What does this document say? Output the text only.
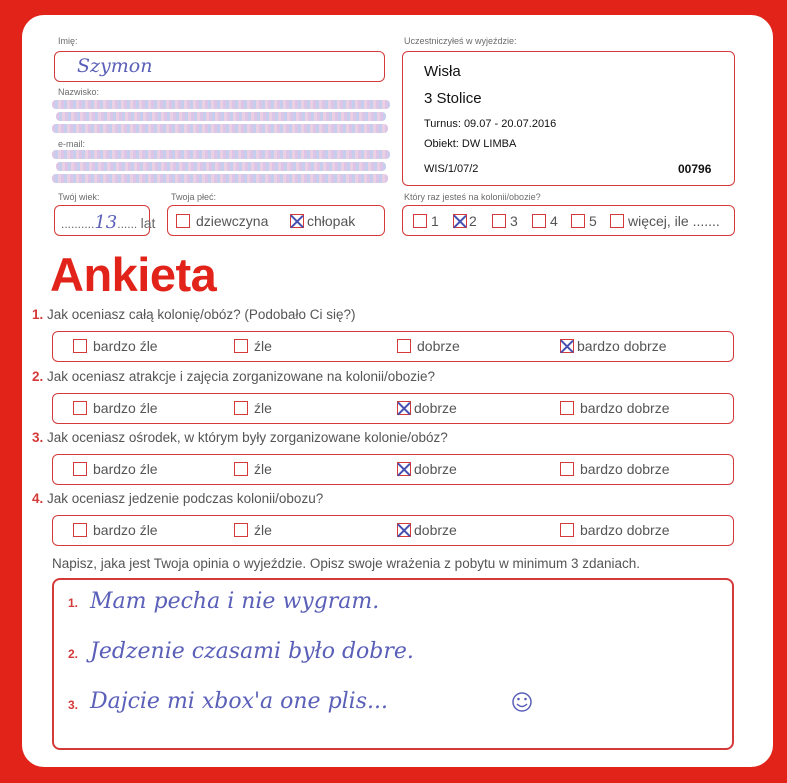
Imię:
Szymon
Nazwisko:
e-mail:
Twój wiek:
..........13...... lat
Twoja płeć:
dziewczyna	chłopak
Uczestniczyłeś w wyjeździe:
Wisła
3 Stolice
Turnus: 09.07 - 20.07.2016
Obiekt: DW LIMBA
WIS/1/07/2	00796
Który raz jesteś na kolonii/obozie?
1	2	3	4	5	więcej, ile .......
Ankieta
1. Jak oceniasz całą kolonię/obóz? (Podobało Ci się?)
bardzo źle	źle	dobrze	bardzo dobrze
2. Jak oceniasz atrakcje i zajęcia zorganizowane na kolonii/obozie?
bardzo źle	źle	dobrze	bardzo dobrze
3. Jak oceniasz ośrodek, w którym były zorganizowane kolonie/obóz?
bardzo źle	źle	dobrze	bardzo dobrze
4. Jak oceniasz jedzenie podczas kolonii/obozu?
bardzo źle	źle	dobrze	bardzo dobrze
Napisz, jaka jest Twoja opinia o wyjeździe. Opisz swoje wrażenia z pobytu w minimum 3 zdaniach.
1. Mam pecha i nie wygram.
2. Jedzenie czasami było dobre.
3. Dajcie mi xbox'a one plis...
